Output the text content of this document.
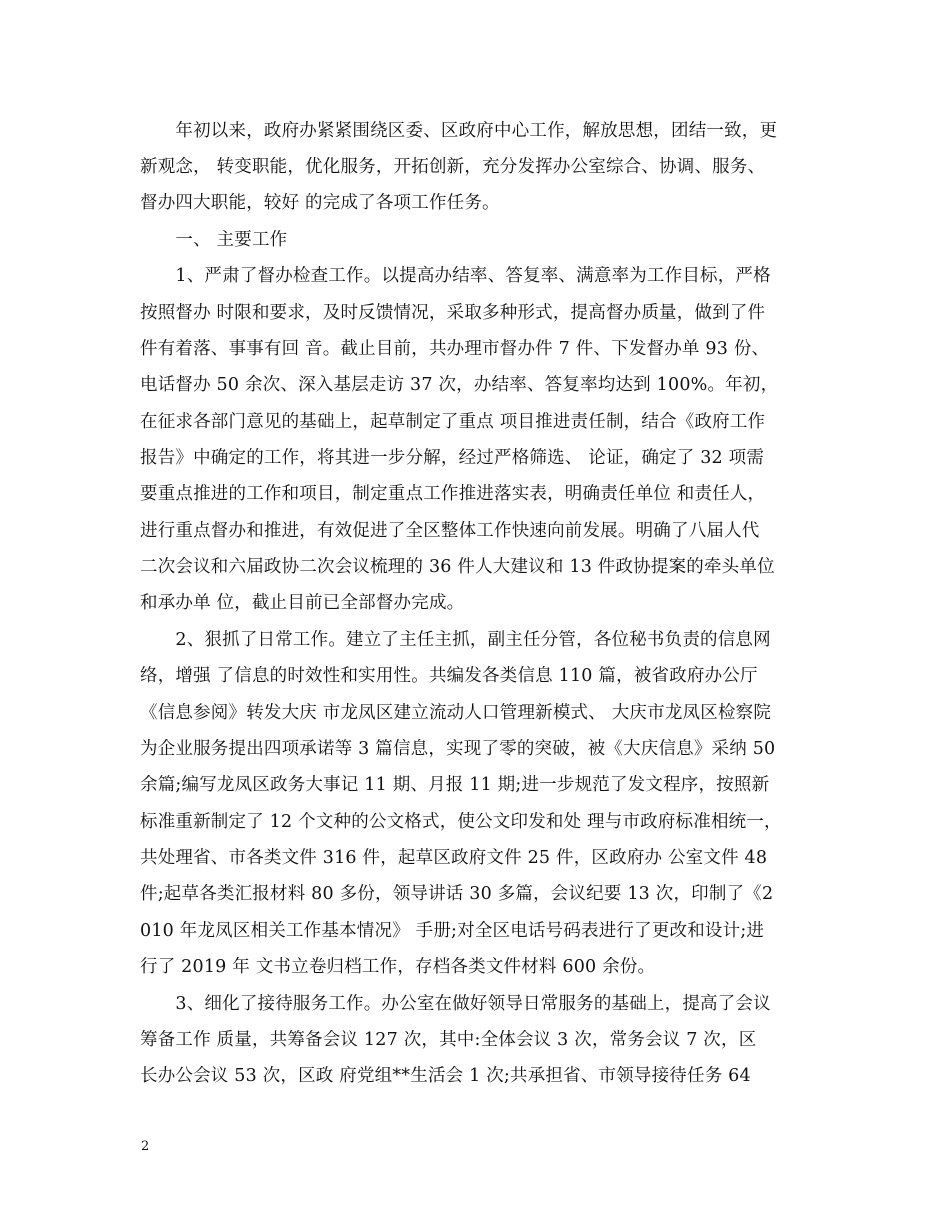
　　年初以来，政府办紧紧围绕区委、区政府中心工作，解放思想，团结一致，更
新观念， 转变职能，优化服务，开拓创新，充分发挥办公室综合、协调、服务、
督办四大职能，较好 的完成了各项工作任务。
　　一、 主要工作
　　1、严肃了督办检查工作。以提高办结率、答复率、满意率为工作目标，严格
按照督办 时限和要求，及时反馈情况，采取多种形式，提高督办质量，做到了件
件有着落、事事有回 音。截止目前，共办理市督办件 7 件、下发督办单 93 份、
电话督办 50 余次、深入基层走访 37 次，办结率、答复率均达到 100%。年初，
在征求各部门意见的基础上，起草制定了重点 项目推进责任制，结合《政府工作
报告》中确定的工作，将其进一步分解，经过严格筛选、 论证，确定了 32 项需
要重点推进的工作和项目，制定重点工作推进落实表，明确责任单位 和责任人，
进行重点督办和推进，有效促进了全区整体工作快速向前发展。明确了八届人代
二次会议和六届政协二次会议梳理的 36 件人大建议和 13 件政协提案的牵头单位
和承办单 位，截止目前已全部督办完成。
　　2、狠抓了日常工作。建立了主任主抓，副主任分管，各位秘书负责的信息网
络，增强 了信息的时效性和实用性。共编发各类信息 110 篇，被省政府办公厅
《信息参阅》转发大庆 市龙凤区建立流动人口管理新模式、 大庆市龙凤区检察院
为企业服务提出四项承诺等 3 篇信息，实现了零的突破，被《大庆信息》采纳 50
余篇;编写龙凤区政务大事记 11 期、月报 11 期;进一步规范了发文程序，按照新
标准重新制定了 12 个文种的公文格式，使公文印发和处 理与市政府标准相统一，
共处理省、市各类文件 316 件，起草区政府文件 25 件，区政府办 公室文件 48
件;起草各类汇报材料 80 多份，领导讲话 30 多篇，会议纪要 13 次，印制了《2
010 年龙凤区相关工作基本情况》 手册;对全区电话号码表进行了更改和设计;进
行了 2019 年 文书立卷归档工作，存档各类文件材料 600 余份。
　　3、细化了接待服务工作。办公室在做好领导日常服务的基础上，提高了会议
筹备工作 质量，共筹备会议 127 次，其中:全体会议 3 次，常务会议 7 次，区
长办公会议 53 次，区政 府党组**生活会 1 次;共承担省、市领导接待任务 64
2
